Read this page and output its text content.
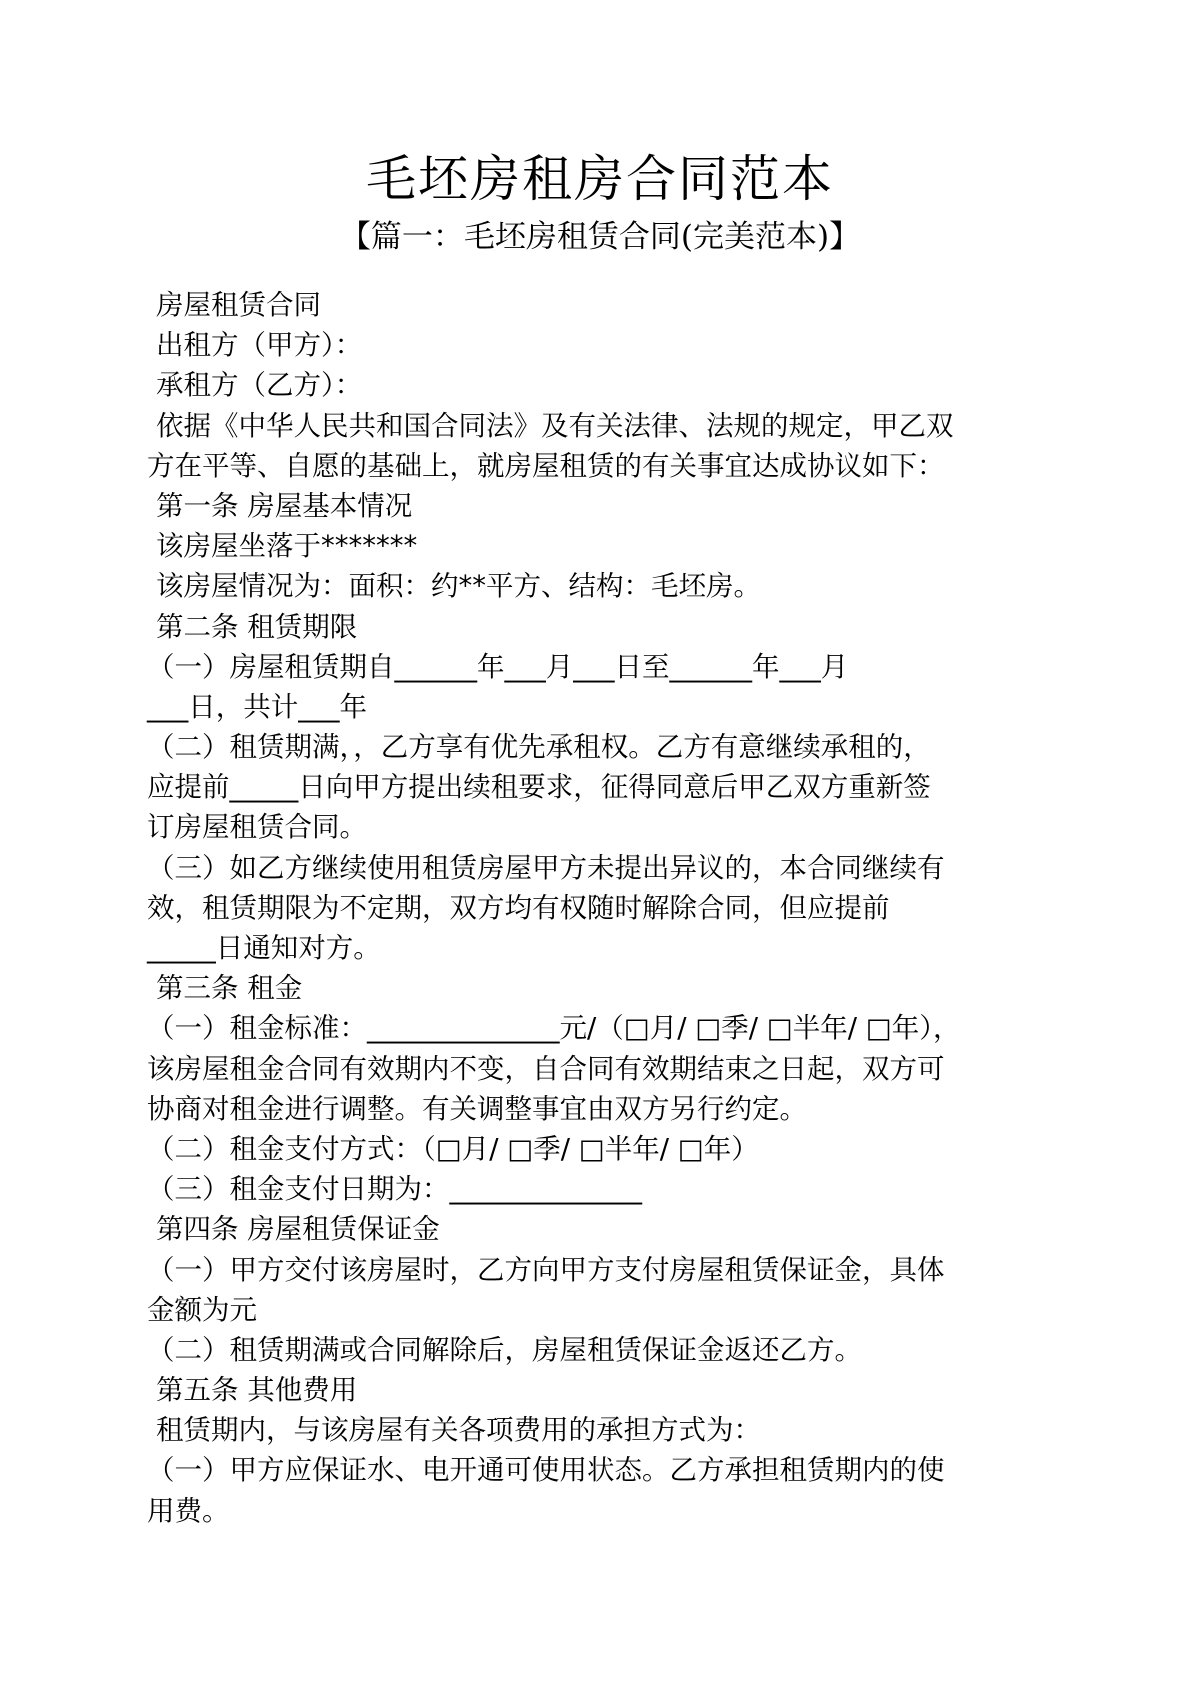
毛坯房租房合同范本
【篇一：毛坯房租赁合同(完美范本)】
房屋租赁合同
出租方（甲方）：
承租方（乙方）：
依据《中华人民共和国合同法》及有关法律、法规的规定，甲乙双
方在平等、自愿的基础上，就房屋租赁的有关事宜达成协议如下：
第一条 房屋基本情况
该房屋坐落于*******
该房屋情况为：面积：约**平方、结构：毛坯房。
第二条 租赁期限
（一）房屋租赁期自______年___月___日至______年___月
___日，共计___年
（二）租赁期满，，乙方享有优先承租权。乙方有意继续承租的，
应提前_____日向甲方提出续租要求，征得同意后甲乙双方重新签
订房屋租赁合同。
（三）如乙方继续使用租赁房屋甲方未提出异议的，本合同继续有
效，租赁期限为不定期，双方均有权随时解除合同，但应提前
_____日通知对方。
第三条 租金
（一）租金标准：______________元/（□月/ □季/ □半年/ □年），
该房屋租金合同有效期内不变，自合同有效期结束之日起，双方可
协商对租金进行调整。有关调整事宜由双方另行约定。
（二）租金支付方式：（□月/ □季/ □半年/ □年）
（三）租金支付日期为：______________
第四条 房屋租赁保证金
（一）甲方交付该房屋时，乙方向甲方支付房屋租赁保证金，具体
金额为元
（二）租赁期满或合同解除后，房屋租赁保证金返还乙方。
第五条 其他费用
租赁期内，与该房屋有关各项费用的承担方式为：
（一）甲方应保证水、电开通可使用状态。乙方承担租赁期内的使
用费。
